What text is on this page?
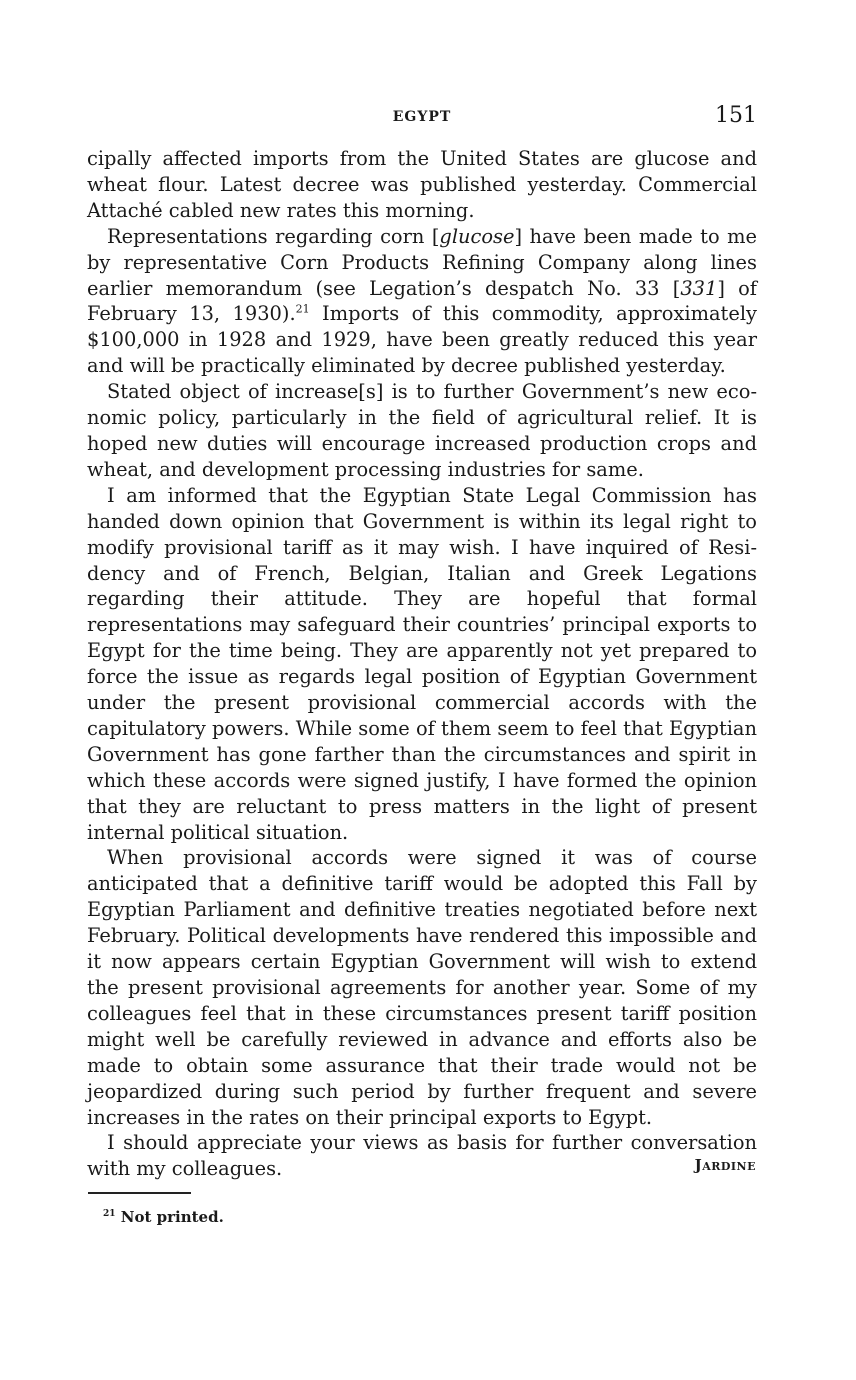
EGYPT	151

cipally affected imports from the United States are glucose and wheat flour. Latest decree was published yesterday. Commercial Attaché cabled new rates this morning.

Representations regarding corn [glucose] have been made to me by representative Corn Products Refining Company along lines earlier memorandum (see Legation’s despatch No. 33 [331] of February 13, 1930).$^{21}$ Imports of this commodity, approximately $100,000 in 1928 and 1929, have been greatly reduced this year and will be practically eliminated by decree published yesterday.

Stated object of increase[s] is to further Government’s new economic policy, particularly in the field of agricultural relief. It is hoped new duties will encourage increased production crops and wheat, and development processing industries for same.

I am informed that the Egyptian State Legal Commission has handed down opinion that Government is within its legal right to modify provisional tariff as it may wish. I have inquired of Residency and of French, Belgian, Italian and Greek Legations regarding their attitude. They are hopeful that formal representations may safeguard their countries’ principal exports to Egypt for the time being. They are apparently not yet prepared to force the issue as regards legal position of Egyptian Government under the present provisional commercial accords with the capitulatory powers. While some of them seem to feel that Egyptian Government has gone farther than the circumstances and spirit in which these accords were signed justify, I have formed the opinion that they are reluctant to press matters in the light of present internal political situation.

When provisional accords were signed it was of course anticipated that a definitive tariff would be adopted this Fall by Egyptian Parliament and definitive treaties negotiated before next February. Political developments have rendered this impossible and it now appears certain Egyptian Government will wish to extend the present provisional agreements for another year. Some of my colleagues feel that in these circumstances present tariff position might well be carefully reviewed in advance and efforts also be made to obtain some assurance that their trade would not be jeopardized during such period by further frequent and severe increases in the rates on their principal exports to Egypt.

I should appreciate your views as basis for further conversation with my colleagues.	Jardine
$^{21}$ Not printed.
